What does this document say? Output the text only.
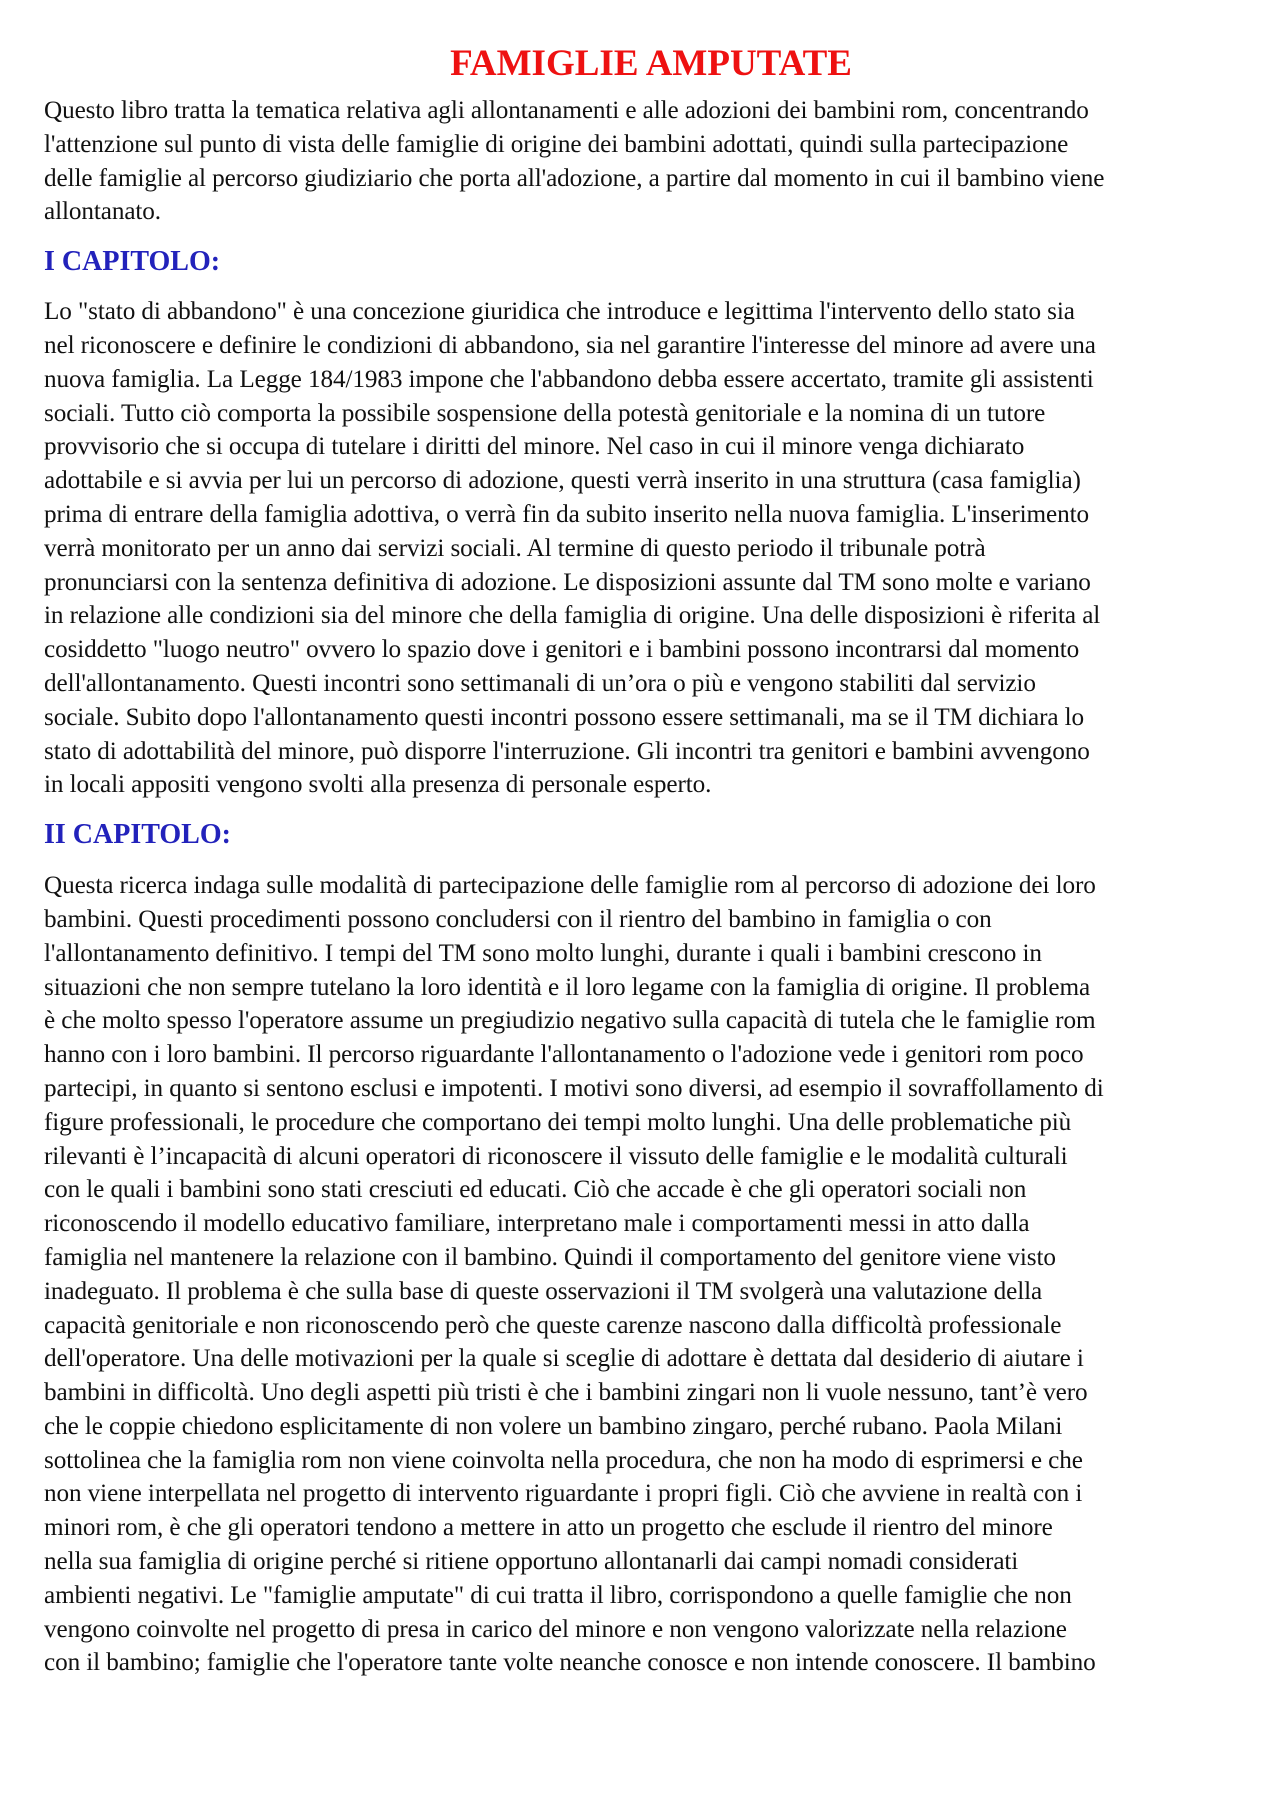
FAMIGLIE AMPUTATE

Questo libro tratta la tematica relativa agli allontanamenti e alle adozioni dei bambini rom, concentrando
l'attenzione sul punto di vista delle famiglie di origine dei bambini adottati, quindi sulla partecipazione
delle famiglie al percorso giudiziario che porta all'adozione, a partire dal momento in cui il bambino viene
allontanato.

I CAPITOLO:

Lo "stato di abbandono" è una concezione giuridica che introduce e legittima l'intervento dello stato sia
nel riconoscere e definire le condizioni di abbandono, sia nel garantire l'interesse del minore ad avere una
nuova famiglia. La Legge 184/1983 impone che l'abbandono debba essere accertato, tramite gli assistenti
sociali. Tutto ciò comporta la possibile sospensione della potestà genitoriale e la nomina di un tutore
provvisorio che si occupa di tutelare i diritti del minore. Nel caso in cui il minore venga dichiarato
adottabile e si avvia per lui un percorso di adozione, questi verrà inserito in una struttura (casa famiglia)
prima di entrare della famiglia adottiva, o verrà fin da subito inserito nella nuova famiglia. L'inserimento
verrà monitorato per un anno dai servizi sociali. Al termine di questo periodo il tribunale potrà
pronunciarsi con la sentenza definitiva di adozione. Le disposizioni assunte dal TM sono molte e variano
in relazione alle condizioni sia del minore che della famiglia di origine. Una delle disposizioni è riferita al
cosiddetto "luogo neutro" ovvero lo spazio dove i genitori e i bambini possono incontrarsi dal momento
dell'allontanamento. Questi incontri sono settimanali di un’ora o più e vengono stabiliti dal servizio
sociale. Subito dopo l'allontanamento questi incontri possono essere settimanali, ma se il TM dichiara lo
stato di adottabilità del minore, può disporre l'interruzione. Gli incontri tra genitori e bambini avvengono
in locali appositi vengono svolti alla presenza di personale esperto.

II CAPITOLO:

Questa ricerca indaga sulle modalità di partecipazione delle famiglie rom al percorso di adozione dei loro
bambini. Questi procedimenti possono concludersi con il rientro del bambino in famiglia o con
l'allontanamento definitivo. I tempi del TM sono molto lunghi, durante i quali i bambini crescono in
situazioni che non sempre tutelano la loro identità e il loro legame con la famiglia di origine. Il problema
è che molto spesso l'operatore assume un pregiudizio negativo sulla capacità di tutela che le famiglie rom
hanno con i loro bambini. Il percorso riguardante l'allontanamento o l'adozione vede i genitori rom poco
partecipi, in quanto si sentono esclusi e impotenti. I motivi sono diversi, ad esempio il sovraffollamento di
figure professionali, le procedure che comportano dei tempi molto lunghi. Una delle problematiche più
rilevanti è l’incapacità di alcuni operatori di riconoscere il vissuto delle famiglie e le modalità culturali
con le quali i bambini sono stati cresciuti ed educati. Ciò che accade è che gli operatori sociali non
riconoscendo il modello educativo familiare, interpretano male i comportamenti messi in atto dalla
famiglia nel mantenere la relazione con il bambino. Quindi il comportamento del genitore viene visto
inadeguato. Il problema è che sulla base di queste osservazioni il TM svolgerà una valutazione della
capacità genitoriale e non riconoscendo però che queste carenze nascono dalla difficoltà professionale
dell'operatore. Una delle motivazioni per la quale si sceglie di adottare è dettata dal desiderio di aiutare i
bambini in difficoltà. Uno degli aspetti più tristi è che i bambini zingari non li vuole nessuno, tant’è vero
che le coppie chiedono esplicitamente di non volere un bambino zingaro, perché rubano. Paola Milani
sottolinea che la famiglia rom non viene coinvolta nella procedura, che non ha modo di esprimersi e che
non viene interpellata nel progetto di intervento riguardante i propri figli. Ciò che avviene in realtà con i
minori rom, è che gli operatori tendono a mettere in atto un progetto che esclude il rientro del minore
nella sua famiglia di origine perché si ritiene opportuno allontanarli dai campi nomadi considerati
ambienti negativi. Le "famiglie amputate" di cui tratta il libro, corrispondono a quelle famiglie che non
vengono coinvolte nel progetto di presa in carico del minore e non vengono valorizzate nella relazione
con il bambino; famiglie che l'operatore tante volte neanche conosce e non intende conoscere. Il bambino
